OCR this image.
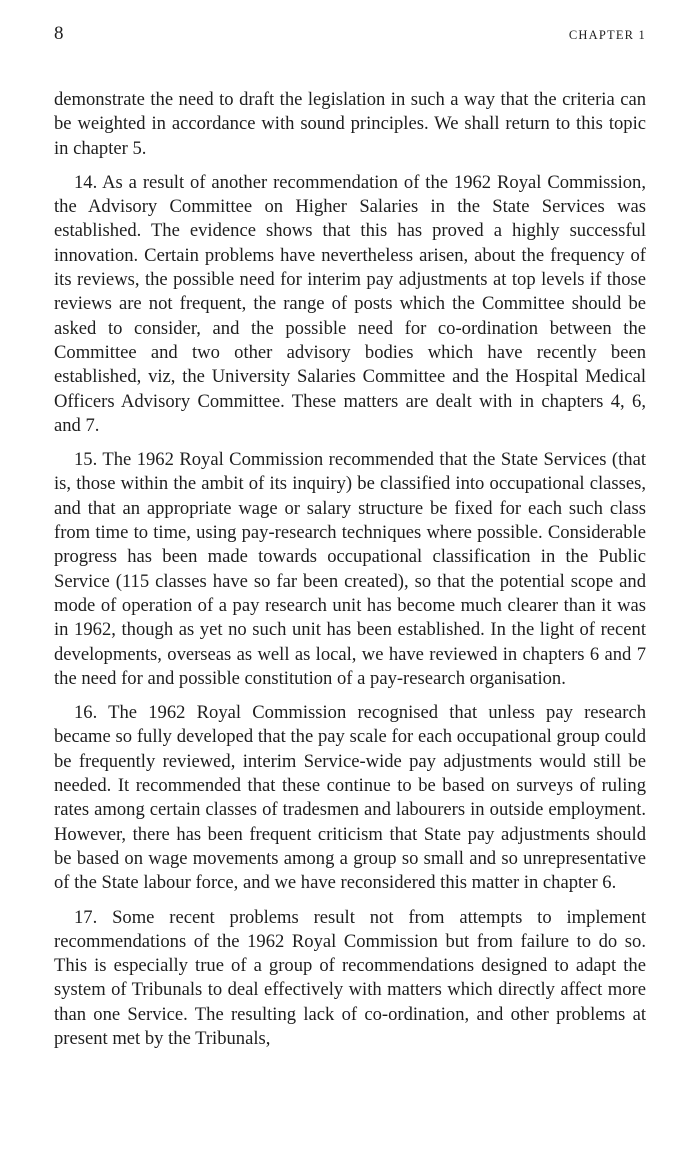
8	CHAPTER 1

demonstrate the need to draft the legislation in such a way that the criteria can be weighted in accordance with sound principles. We shall return to this topic in chapter 5.

14. As a result of another recommendation of the 1962 Royal Commission, the Advisory Committee on Higher Salaries in the State Services was established. The evidence shows that this has proved a highly successful innovation. Certain problems have nevertheless arisen, about the frequency of its reviews, the possible need for interim pay adjustments at top levels if those reviews are not frequent, the range of posts which the Committee should be asked to consider, and the possible need for co-ordination between the Committee and two other advisory bodies which have recently been established, viz, the University Salaries Committee and the Hospital Medical Officers Advisory Committee. These matters are dealt with in chapters 4, 6, and 7.

15. The 1962 Royal Commission recommended that the State Services (that is, those within the ambit of its inquiry) be classified into occupational classes, and that an appropriate wage or salary structure be fixed for each such class from time to time, using pay-research techniques where possible. Considerable progress has been made towards occupational classification in the Public Service (115 classes have so far been created), so that the potential scope and mode of operation of a pay research unit has become much clearer than it was in 1962, though as yet no such unit has been established. In the light of recent developments, overseas as well as local, we have reviewed in chapters 6 and 7 the need for and possible constitution of a pay-research organisation.

16. The 1962 Royal Commission recognised that unless pay research became so fully developed that the pay scale for each occupational group could be frequently reviewed, interim Service-wide pay adjustments would still be needed. It recommended that these continue to be based on surveys of ruling rates among certain classes of tradesmen and labourers in outside employment. However, there has been frequent criticism that State pay adjustments should be based on wage movements among a group so small and so unrepresentative of the State labour force, and we have reconsidered this matter in chapter 6.

17. Some recent problems result not from attempts to implement recommendations of the 1962 Royal Commission but from failure to do so. This is especially true of a group of recommendations designed to adapt the system of Tribunals to deal effectively with matters which directly affect more than one Service. The resulting lack of co-ordination, and other problems at present met by the Tribunals,
